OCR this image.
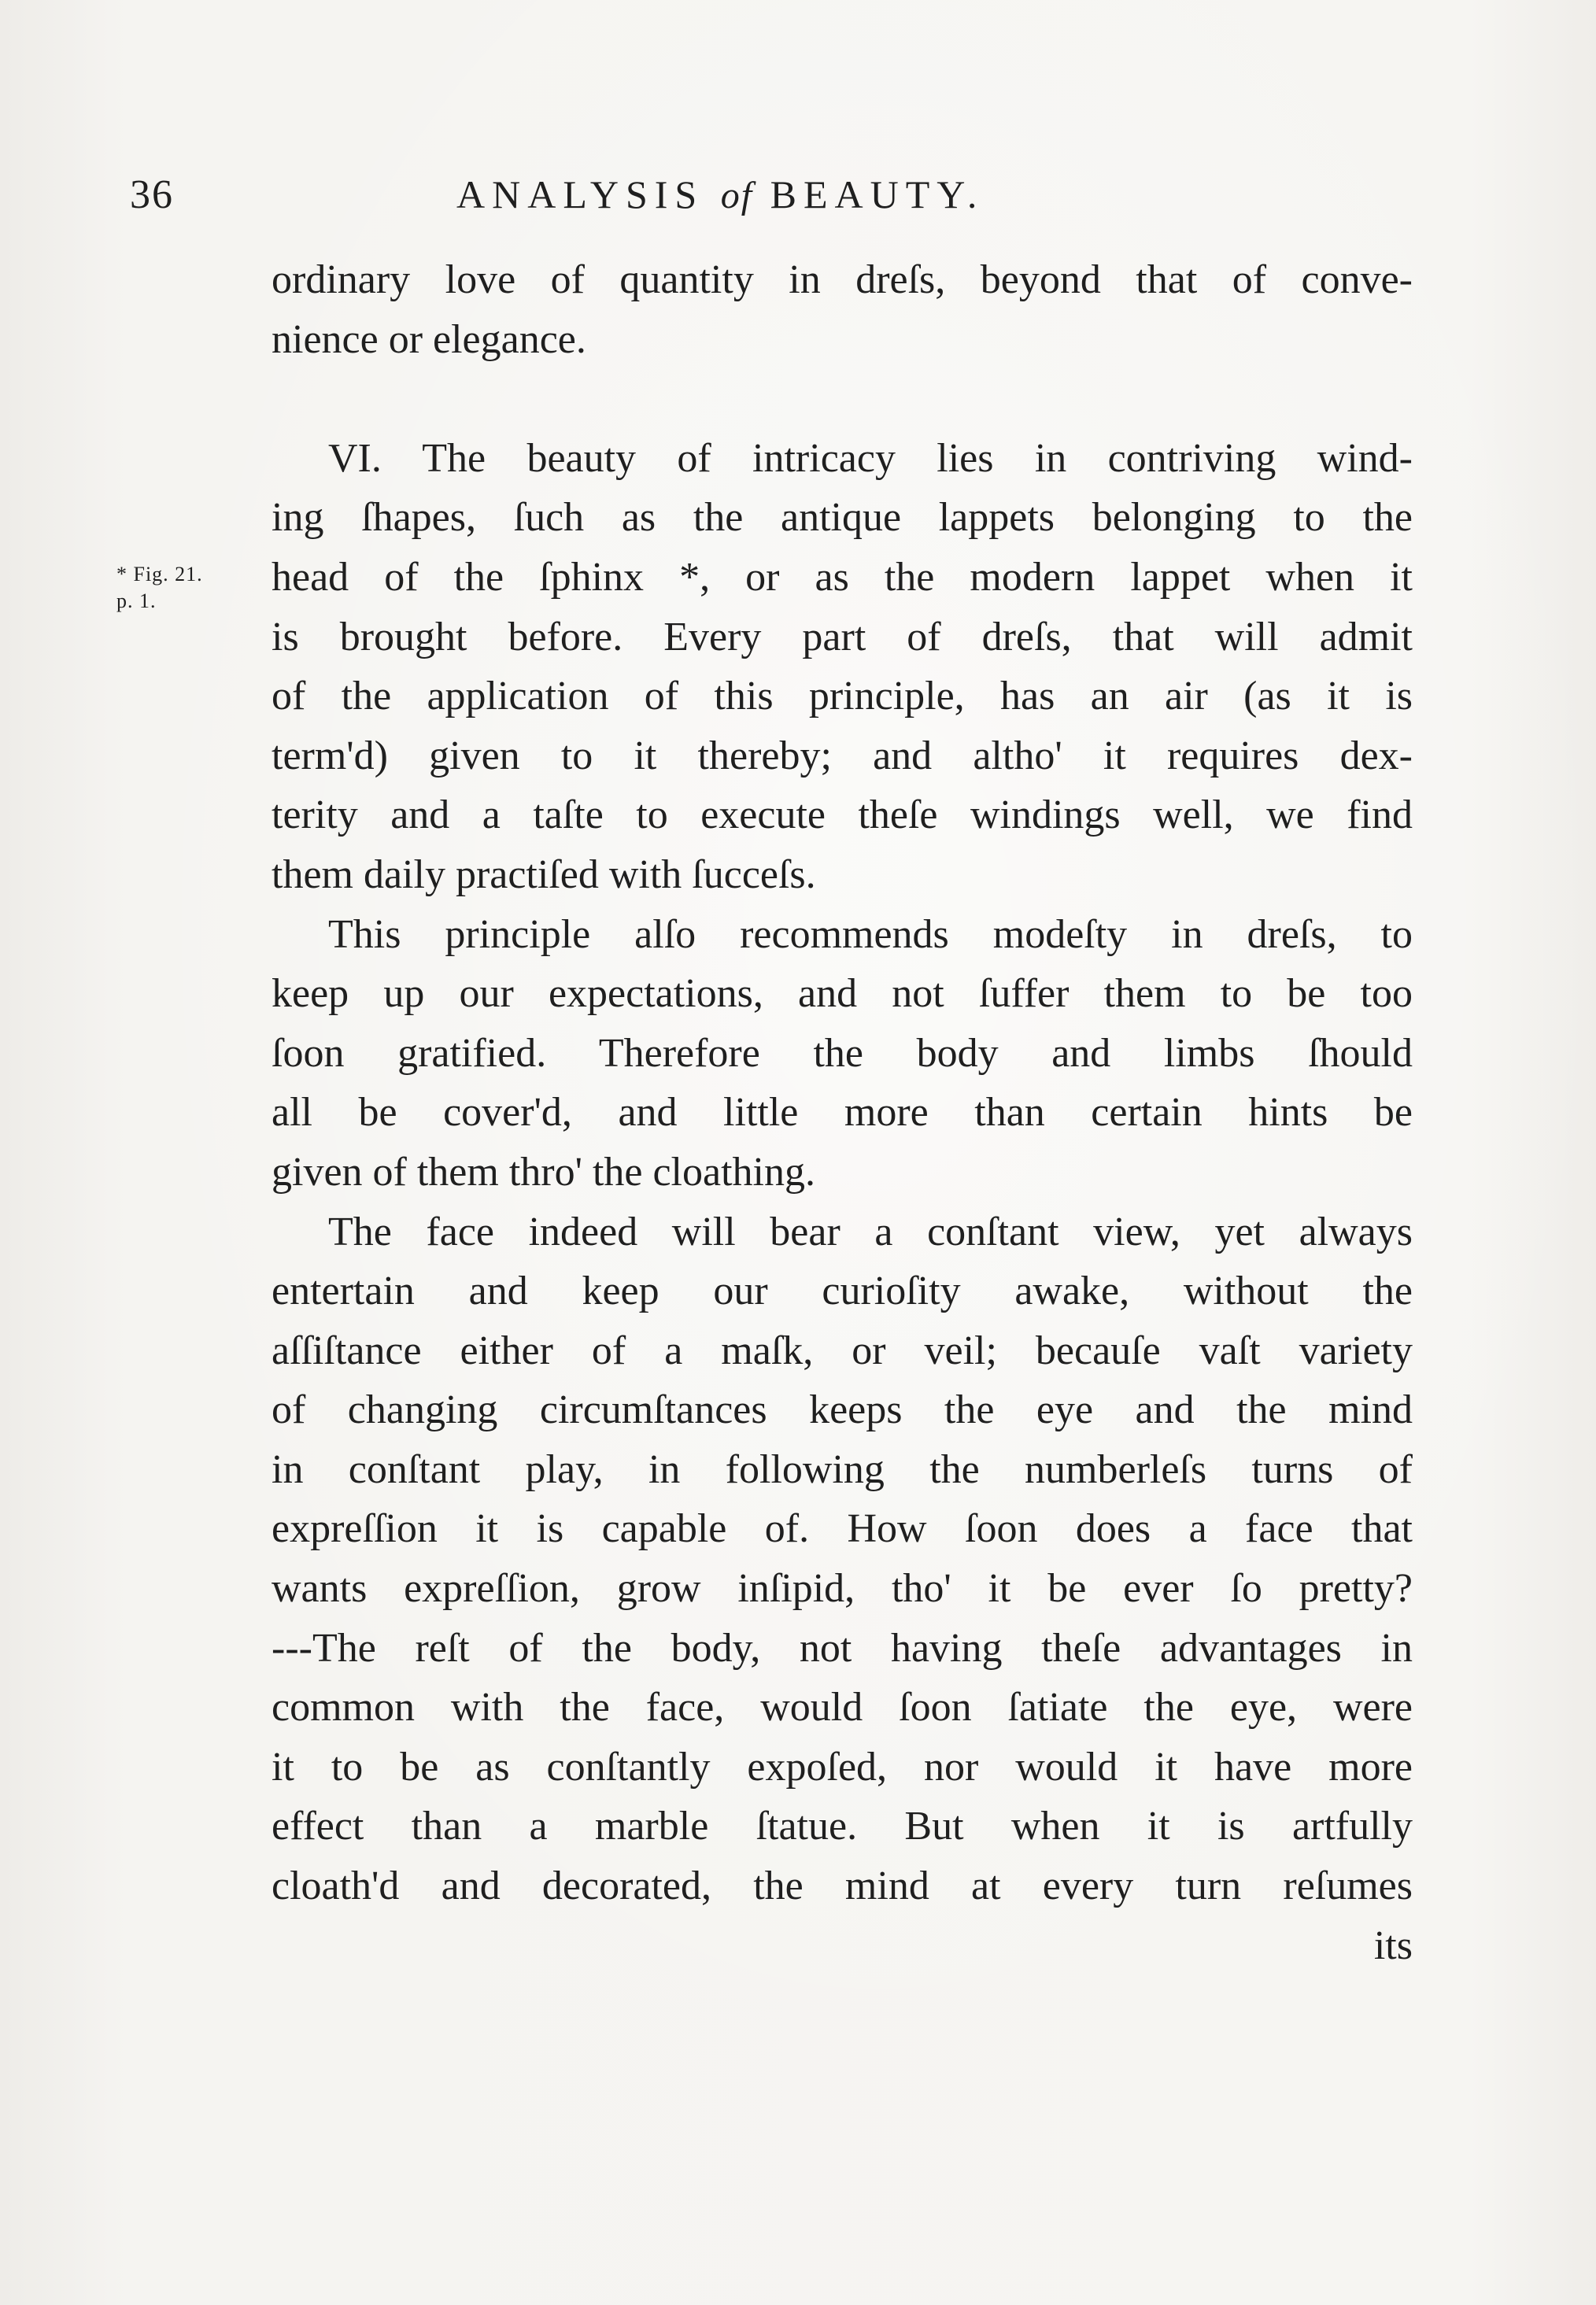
36	ANALYSIS of BEAUTY.
* Fig. 21.
p. 1.
ordinary love of quantity in dreſs, beyond that of conve-
nience or elegance.
VI. The beauty of intricacy lies in contriving wind-
ing ſhapes, ſuch as the antique lappets belonging to the
head of the ſphinx *, or as the modern lappet when it
is brought before. Every part of dreſs, that will admit
of the application of this principle, has an air (as it is
term'd) given to it thereby; and altho' it requires dex-
terity and a taſte to execute theſe windings well, we find
them daily practiſed with ſucceſs.
This principle alſo recommends modeſty in dreſs, to
keep up our expectations, and not ſuffer them to be too
ſoon gratified. Therefore the body and limbs ſhould
all be cover'd, and little more than certain hints be
given of them thro' the cloathing.
The face indeed will bear a conſtant view, yet always
entertain and keep our curioſity awake, without the
aſſiſtance either of a maſk, or veil; becauſe vaſt variety
of changing circumſtances keeps the eye and the mind
in conſtant play, in following the numberleſs turns of
expreſſion it is capable of. How ſoon does a face that
wants expreſſion, grow inſipid, tho' it be ever ſo pretty?
---The reſt of the body, not having theſe advantages in
common with the face, would ſoon ſatiate the eye, were
it to be as conſtantly expoſed, nor would it have more
effect than a marble ſtatue. But when it is artfully
cloath'd and decorated, the mind at every turn reſumes
its
